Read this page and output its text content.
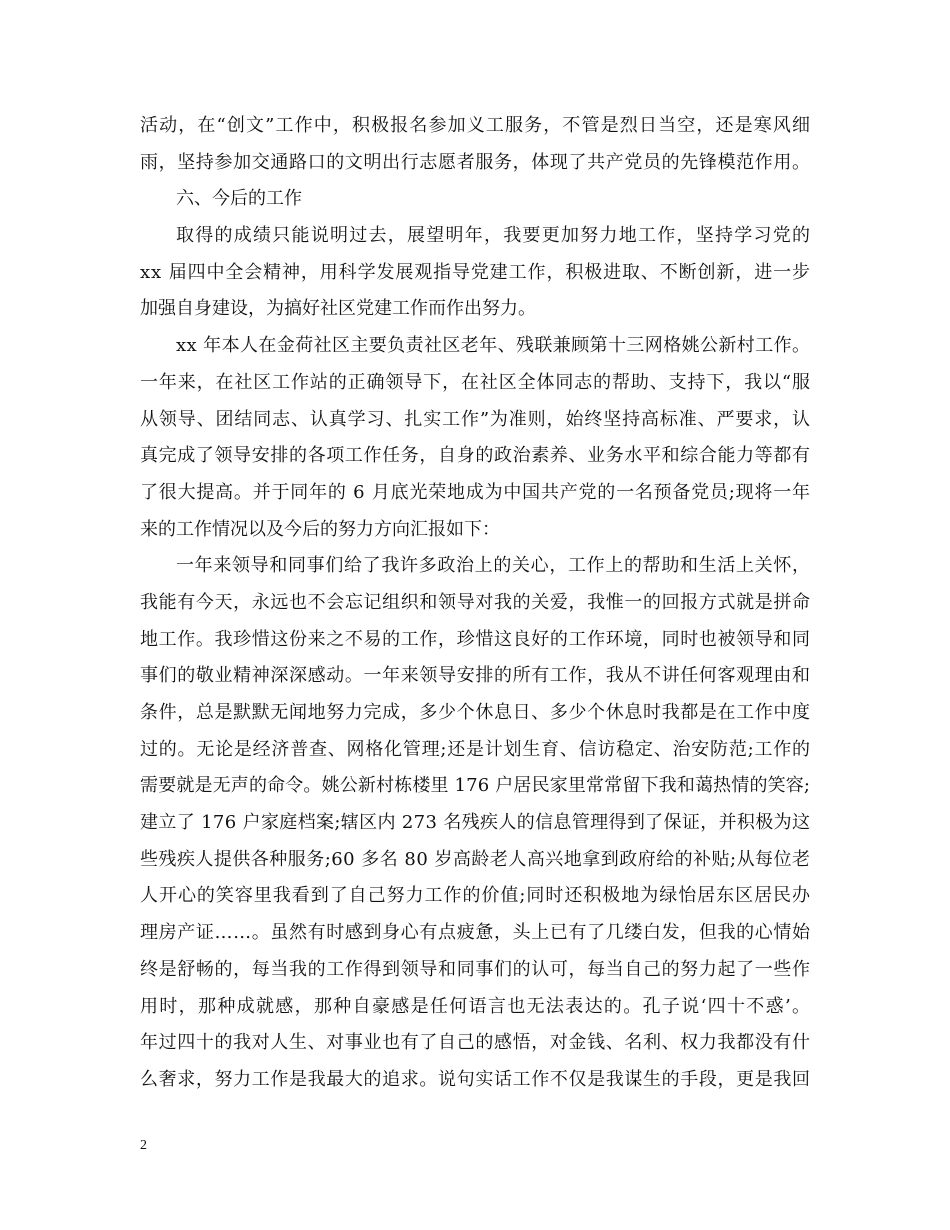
活动，在“创文”工作中，积极报名参加义工服务，不管是烈日当空，还是寒风细
雨，坚持参加交通路口的文明出行志愿者服务，体现了共产党员的先锋模范作用。
六、今后的工作
取得的成绩只能说明过去，展望明年，我要更加努力地工作，坚持学习党的
xx 届四中全会精神，用科学发展观指导党建工作，积极进取、不断创新，进一步
加强自身建设，为搞好社区党建工作而作出努力。
xx 年本人在金荷社区主要负责社区老年、残联兼顾第十三网格姚公新村工作。
一年来，在社区工作站的正确领导下，在社区全体同志的帮助、支持下，我以“服
从领导、团结同志、认真学习、扎实工作”为准则，始终坚持高标准、严要求，认
真完成了领导安排的各项工作任务，自身的政治素养、业务水平和综合能力等都有
了很大提高。并于同年的 6 月底光荣地成为中国共产党的一名预备党员;现将一年
来的工作情况以及今后的努力方向汇报如下：
一年来领导和同事们给了我许多政治上的关心，工作上的帮助和生活上关怀，
我能有今天，永远也不会忘记组织和领导对我的关爱，我惟一的回报方式就是拼命
地工作。我珍惜这份来之不易的工作，珍惜这良好的工作环境，同时也被领导和同
事们的敬业精神深深感动。一年来领导安排的所有工作，我从不讲任何客观理由和
条件，总是默默无闻地努力完成，多少个休息日、多少个休息时我都是在工作中度
过的。无论是经济普查、网格化管理;还是计划生育、信访稳定、治安防范;工作的
需要就是无声的命令。姚公新村栋楼里 176 户居民家里常常留下我和蔼热情的笑容;
建立了 176 户家庭档案;辖区内 273 名残疾人的信息管理得到了保证，并积极为这
些残疾人提供各种服务;60 多名 80 岁高龄老人高兴地拿到政府给的补贴;从每位老
人开心的笑容里我看到了自己努力工作的价值;同时还积极地为绿怡居东区居民办
理房产证……。虽然有时感到身心有点疲惫，头上已有了几缕白发，但我的心情始
终是舒畅的，每当我的工作得到领导和同事们的认可，每当自己的努力起了一些作
用时，那种成就感，那种自豪感是任何语言也无法表达的。孔子说‘四十不惑’。
年过四十的我对人生、对事业也有了自己的感悟，对金钱、名利、权力我都没有什
么奢求，努力工作是我最大的追求。说句实话工作不仅是我谋生的手段，更是我回
2
